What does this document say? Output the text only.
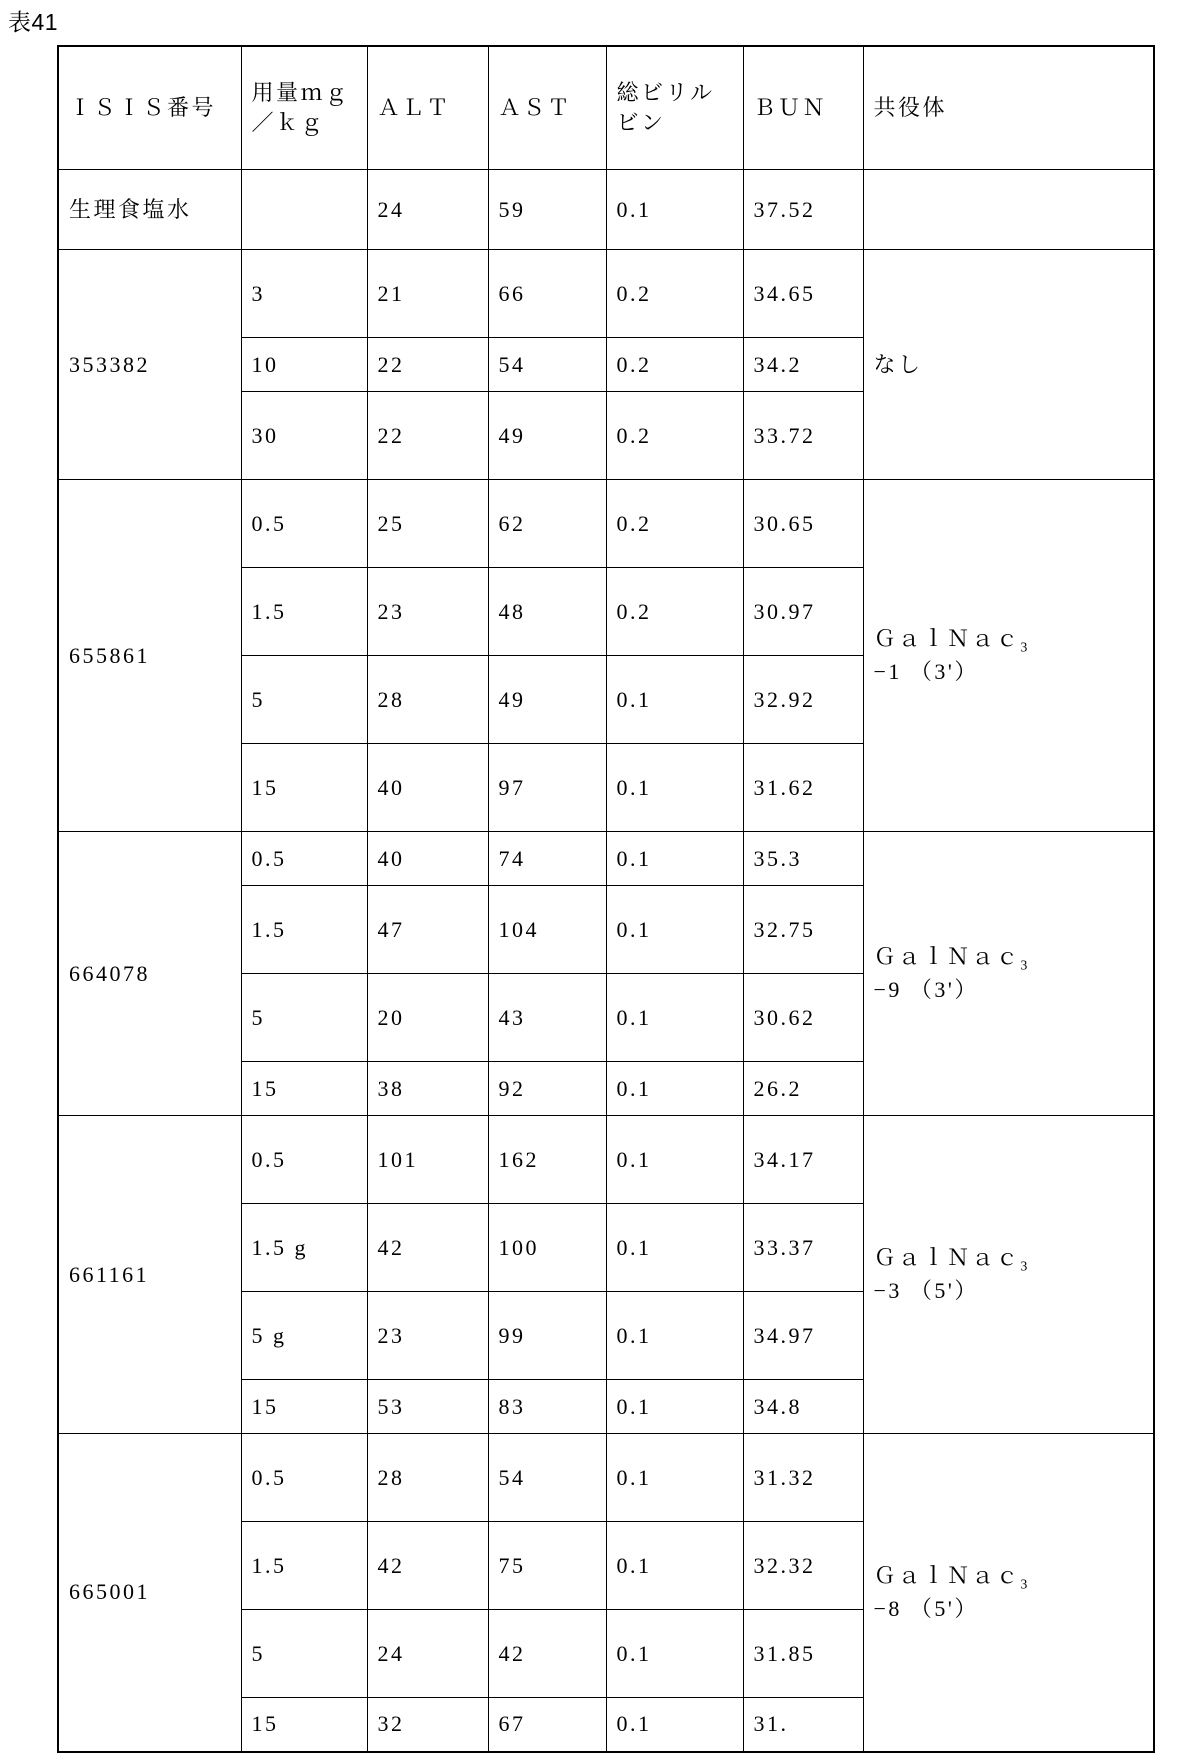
表41
ＩＳＩＳ番号	用量ｍｇ／ｋｇ	ＡＬＴ	ＡＳＴ	総ビリルビン	ＢＵＮ	共役体
生理食塩水		24	59	0.1	37.52	
353382	3	21	66	0.2	34.65	なし
	10	22	54	0.2	34.2	
	30	22	49	0.2	33.72	
655861	0.5	25	62	0.2	30.65	ＧａｌＮａｃ$_3$
−1 （3'）
	1.5	23	48	0.2	30.97	
	5	28	49	0.1	32.92	
	15	40	97	0.1	31.62	
664078	0.5	40	74	0.1	35.3	ＧａｌＮａｃ$_3$
−9 （3'）
	1.5	47	104	0.1	32.75	
	5	20	43	0.1	30.62	
	15	38	92	0.1	26.2	
661161	0.5	101	162	0.1	34.17	ＧａｌＮａｃ$_3$
−3 （5'）
	1.5 g	42	100	0.1	33.37	
	5 g	23	99	0.1	34.97	
	15	53	83	0.1	34.8	
665001	0.5	28	54	0.1	31.32	ＧａｌＮａｃ$_3$
−8 （5'）
	1.5	42	75	0.1	32.32	
	5	24	42	0.1	31.85	
	15	32	67	0.1	31.	
